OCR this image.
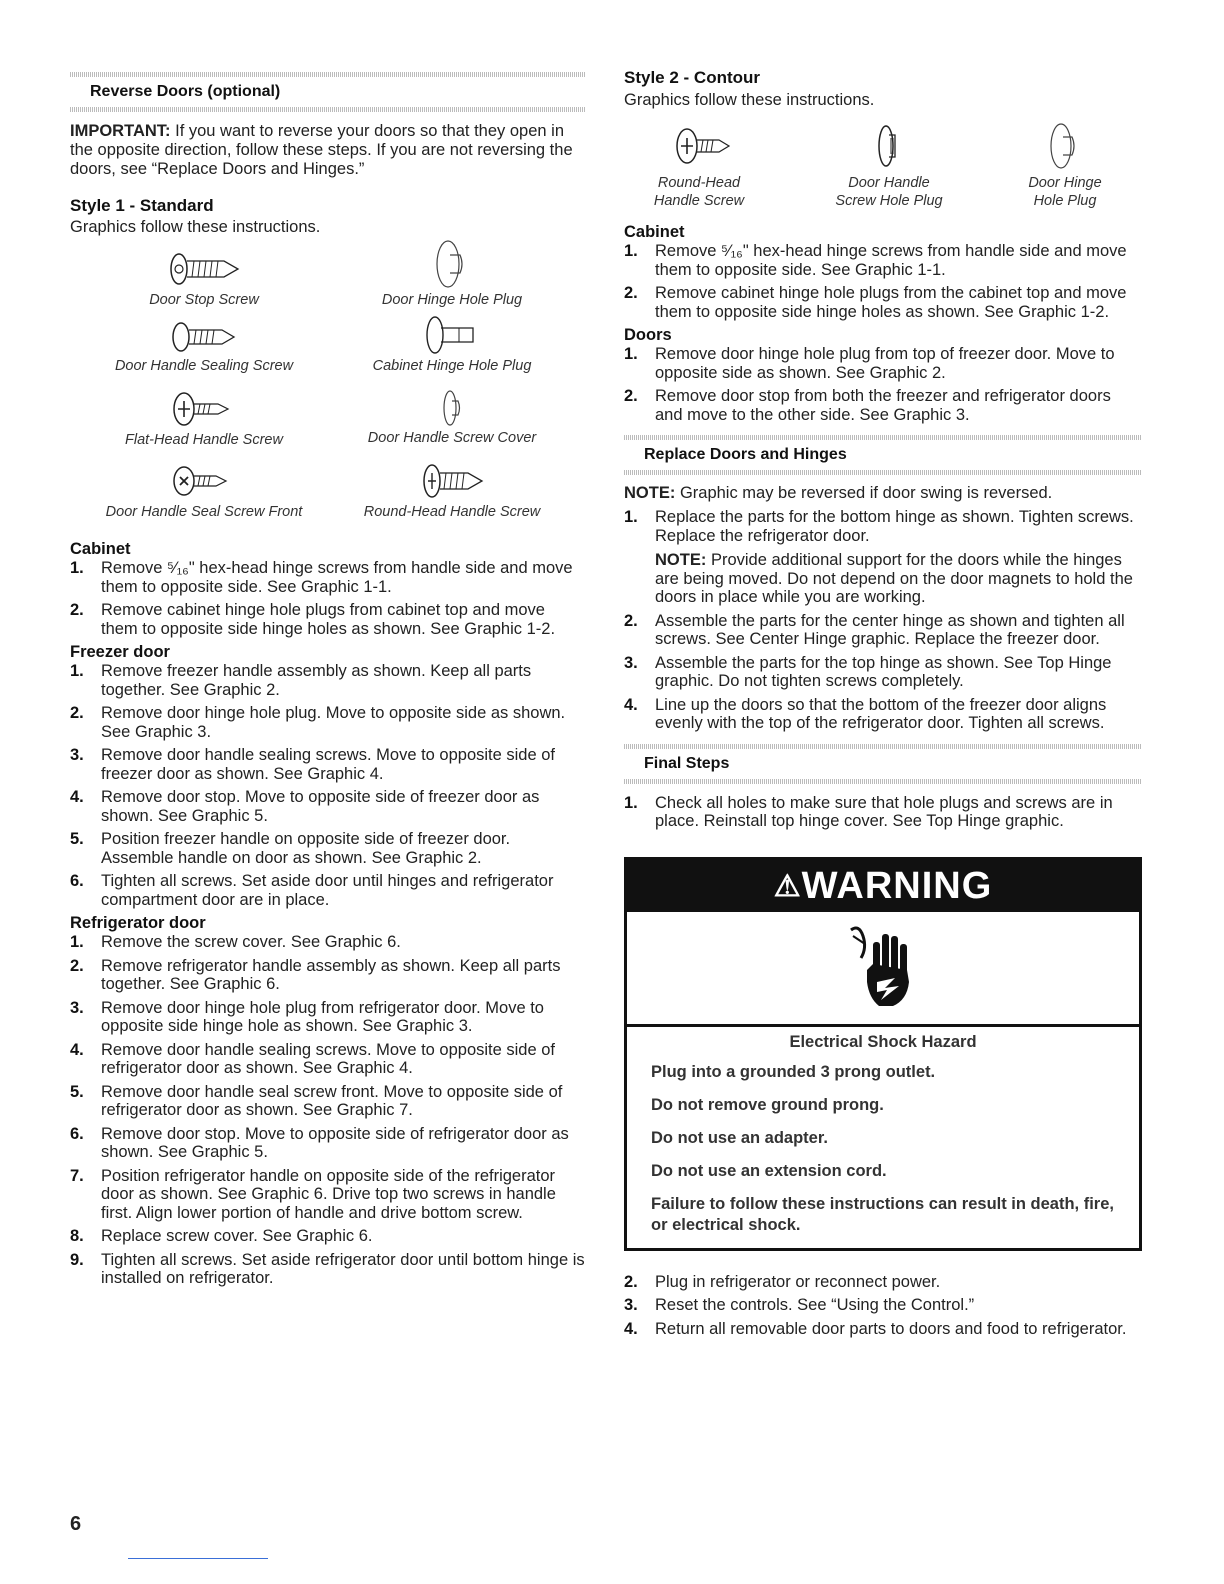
Reverse Doors (optional)

IMPORTANT: If you want to reverse your doors so that they open in the opposite direction, follow these steps. If you are not reversing the doors, see “Replace Doors and Hinges.”

Style 1 - Standard

Graphics follow these instructions.

Door Stop Screw	Door Hinge Hole Plug
Door Handle Sealing Screw	Cabinet Hinge Hole Plug
Flat-Head Handle Screw	Door Handle Screw Cover
Door Handle Seal Screw Front	Round-Head Handle Screw
Cabinet
1. Remove ⁵⁄₁₆" hex-head hinge screws from handle side and move them to opposite side. See Graphic 1-1.
2. Remove cabinet hinge hole plugs from cabinet top and move them to opposite side hinge holes as shown. See Graphic 1-2.
Freezer door
1. Remove freezer handle assembly as shown. Keep all parts together. See Graphic 2.
2. Remove door hinge hole plug. Move to opposite side as shown. See Graphic 3.
3. Remove door handle sealing screws. Move to opposite side of freezer door as shown. See Graphic 4.
4. Remove door stop. Move to opposite side of freezer door as shown. See Graphic 5.
5. Position freezer handle on opposite side of freezer door. Assemble handle on door as shown. See Graphic 2.
6. Tighten all screws. Set aside door until hinges and refrigerator compartment door are in place.
Refrigerator door
1. Remove the screw cover. See Graphic 6.
2. Remove refrigerator handle assembly as shown. Keep all parts together. See Graphic 6.
3. Remove door hinge hole plug from refrigerator door. Move to opposite side hinge hole as shown. See Graphic 3.
4. Remove door handle sealing screws. Move to opposite side of refrigerator door as shown. See Graphic 4.
5. Remove door handle seal screw front. Move to opposite side of refrigerator door as shown. See Graphic 7.
6. Remove door stop. Move to opposite side of refrigerator door as shown. See Graphic 5.
7. Position refrigerator handle on opposite side of the refrigerator door as shown. See Graphic 6. Drive top two screws in handle first. Align lower portion of handle and drive bottom screw.
8. Replace screw cover. See Graphic 6.
9. Tighten all screws. Set aside refrigerator door until bottom hinge is installed on refrigerator.
Style 2 - Contour

Graphics follow these instructions.

Round-Head
Handle Screw
Door Handle
Screw Hole Plug
Door Hinge
Hole Plug
Cabinet
1. Remove ⁵⁄₁₆" hex-head hinge screws from handle side and move them to opposite side. See Graphic 1-1.
2. Remove cabinet hinge hole plugs from the cabinet top and move them to opposite side hinge holes as shown. See Graphic 1-2.
Doors
1. Remove door hinge hole plug from top of freezer door. Move to opposite side as shown. See Graphic 2.
2. Remove door stop from both the freezer and refrigerator doors and move to the other side. See Graphic 3.
Replace Doors and Hinges

NOTE: Graphic may be reversed if door swing is reversed.

1. Replace the parts for the bottom hinge as shown. Tighten screws. Replace the refrigerator door.
NOTE: Provide additional support for the doors while the hinges are being moved. Do not depend on the door magnets to hold the doors in place while you are working.
2. Assemble the parts for the center hinge as shown and tighten all screws. See Center Hinge graphic. Replace the freezer door.
3. Assemble the parts for the top hinge as shown. See Top Hinge graphic. Do not tighten screws completely.
4. Line up the doors so that the bottom of the freezer door aligns evenly with the top of the refrigerator door. Tighten all screws.
Final Steps
1. Check all holes to make sure that hole plugs and screws are in place. Reinstall top hinge cover. See Top Hinge graphic.
⚠WARNING
Electrical Shock Hazard
Plug into a grounded 3 prong outlet.
Do not remove ground prong.
Do not use an adapter.
Do not use an extension cord.
Failure to follow these instructions can result in death, fire, or electrical shock.
2. Plug in refrigerator or reconnect power.
3. Reset the controls. See “Using the Control.”
4. Return all removable door parts to doors and food to refrigerator.
6
